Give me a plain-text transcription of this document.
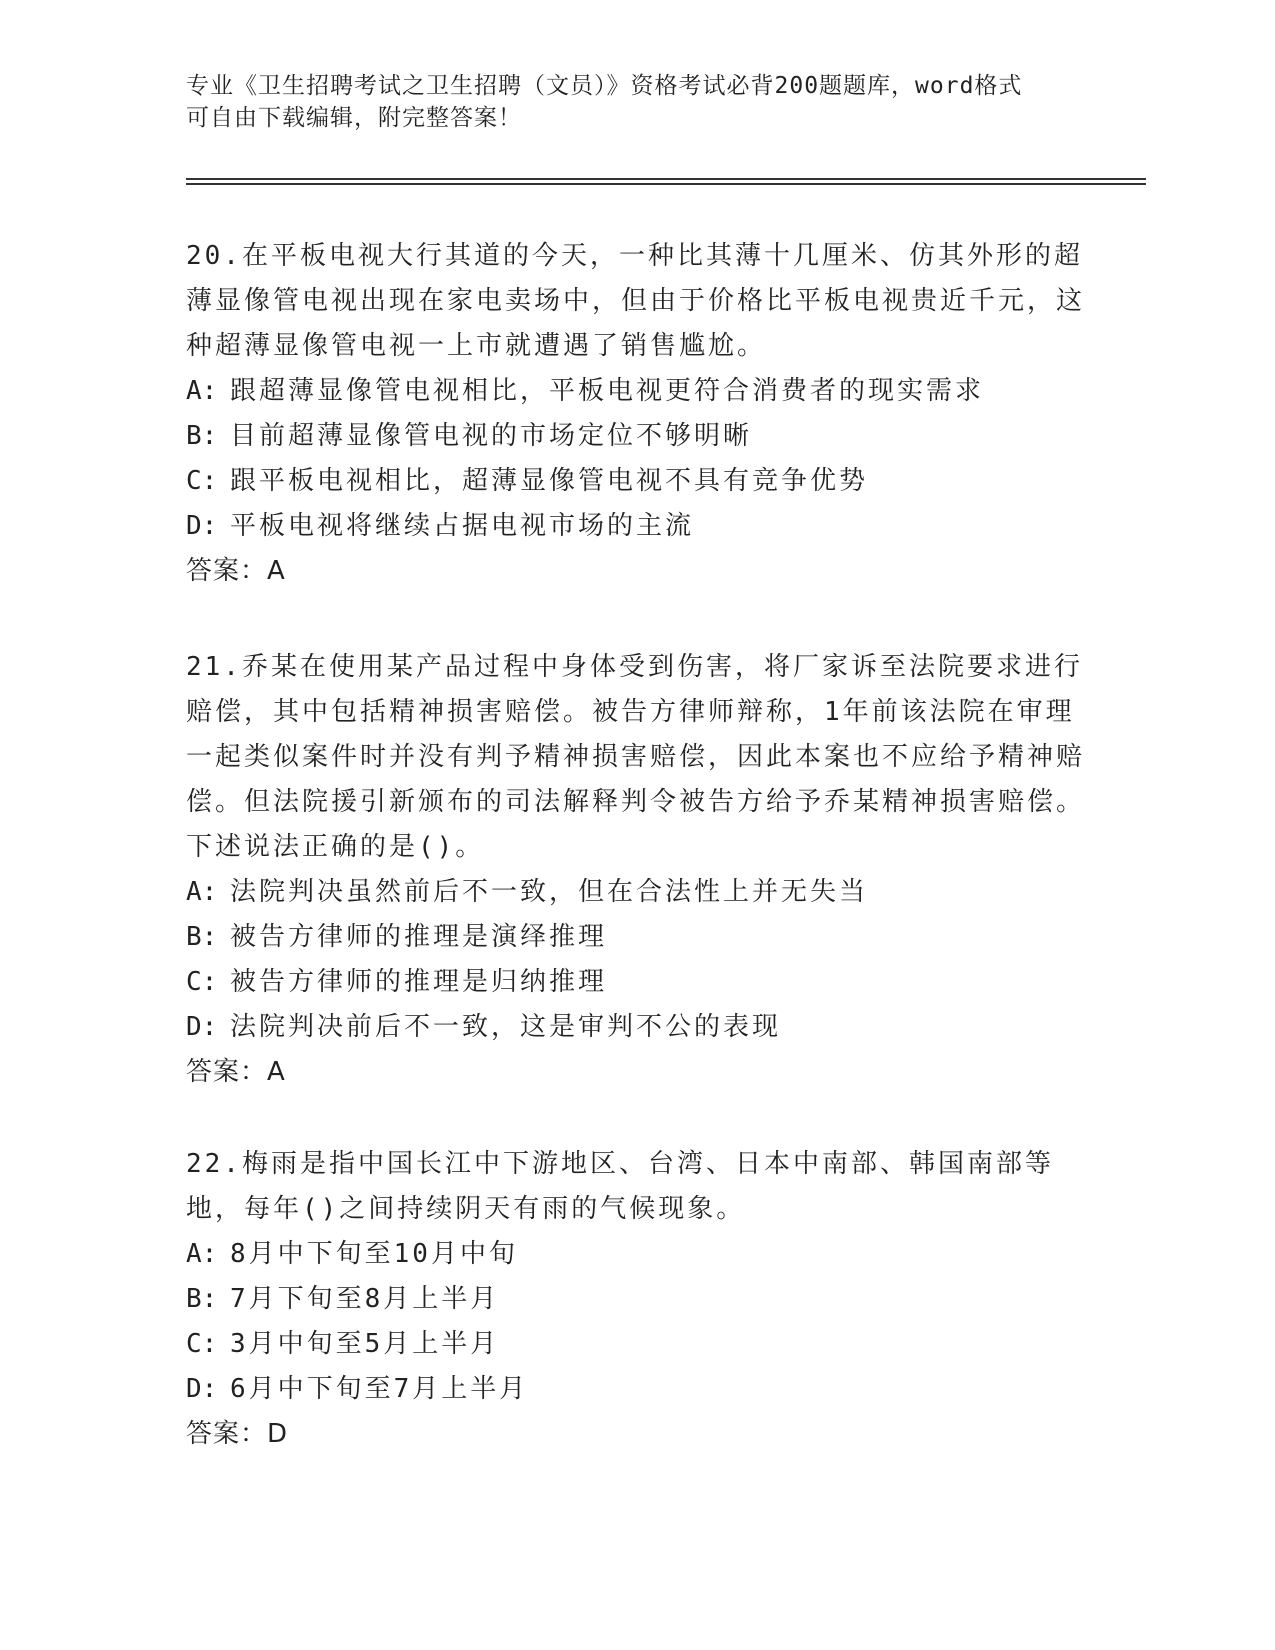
专业《卫生招聘考试之卫生招聘（文员）》资格考试必背200题题库，word格式
可自由下载编辑，附完整答案！

20.在平板电视大行其道的今天，一种比其薄十几厘米、仿其外形的超薄显像管电视出现在家电卖场中，但由于价格比平板电视贵近千元，这种超薄显像管电视一上市就遭遇了销售尴尬。

A: 跟超薄显像管电视相比，平板电视更符合消费者的现实需求

B: 目前超薄显像管电视的市场定位不够明晰

C: 跟平板电视相比，超薄显像管电视不具有竞争优势

D: 平板电视将继续占据电视市场的主流

答案：A

21.乔某在使用某产品过程中身体受到伤害，将厂家诉至法院要求进行赔偿，其中包括精神损害赔偿。被告方律师辩称，1年前该法院在审理一起类似案件时并没有判予精神损害赔偿，因此本案也不应给予精神赔偿。但法院援引新颁布的司法解释判令被告方给予乔某精神损害赔偿。下述说法正确的是()。

A: 法院判决虽然前后不一致，但在合法性上并无失当

B: 被告方律师的推理是演绎推理

C: 被告方律师的推理是归纳推理

D: 法院判决前后不一致，这是审判不公的表现

答案：A

22.梅雨是指中国长江中下游地区、台湾、日本中南部、韩国南部等地，每年()之间持续阴天有雨的气候现象。

A: 8月中下旬至10月中旬

B: 7月下旬至8月上半月

C: 3月中旬至5月上半月

D: 6月中下旬至7月上半月

答案：D
